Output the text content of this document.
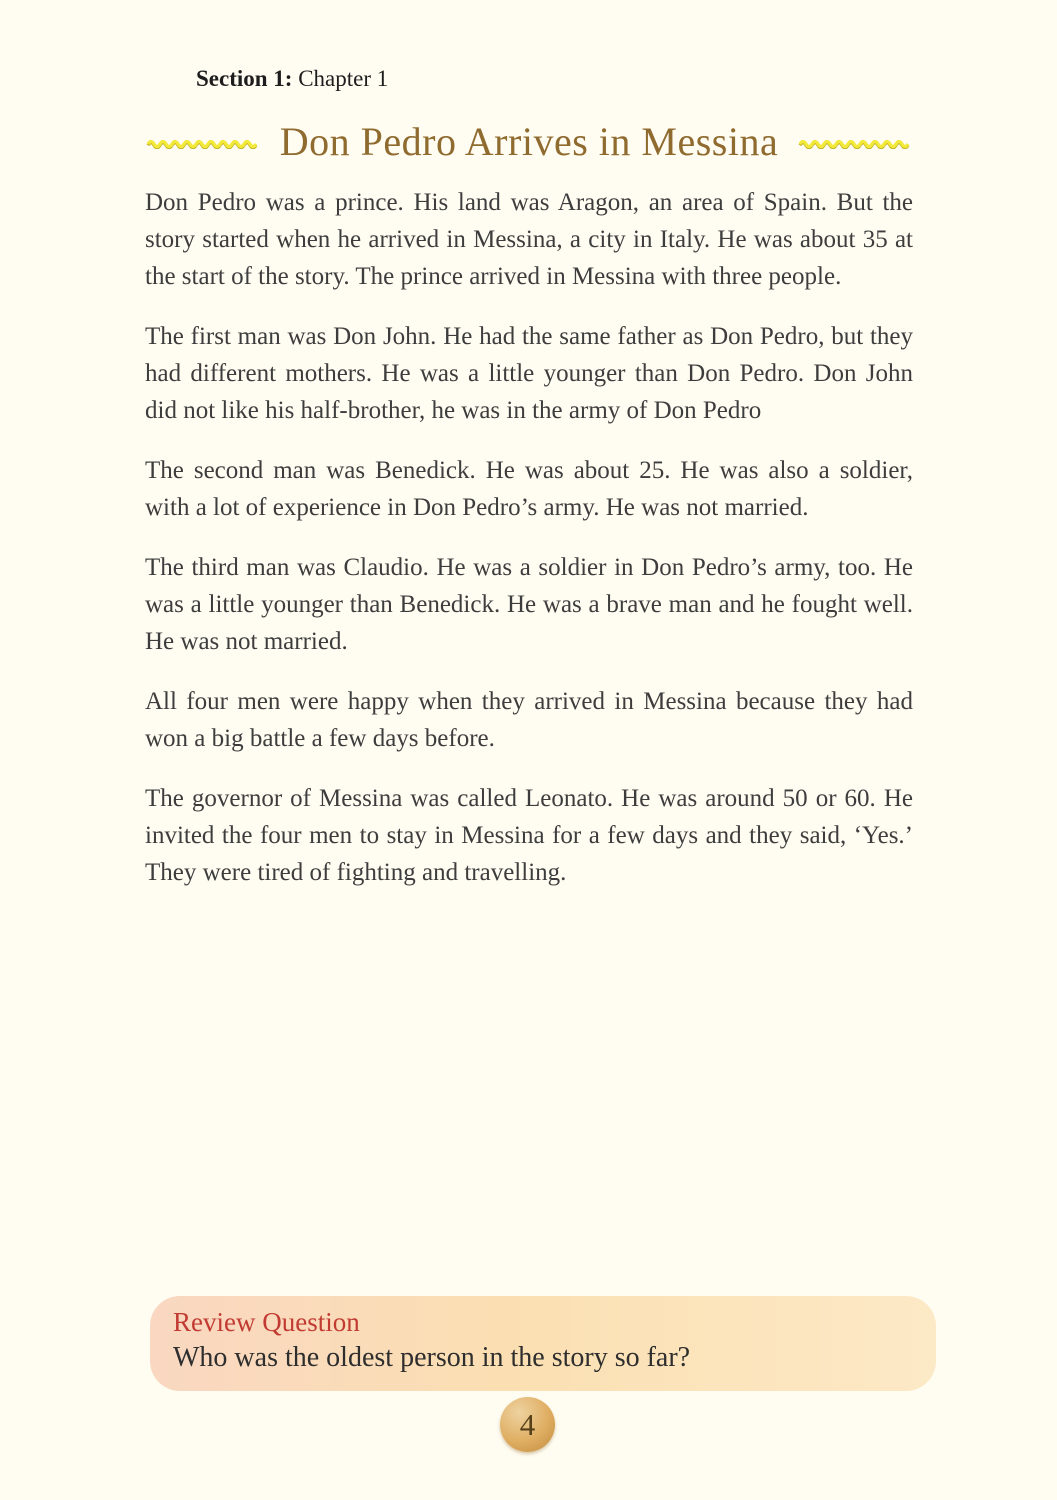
Section 1: Chapter 1
Don Pedro Arrives in Messina

Don Pedro was a prince. His land was Aragon, an area of Spain. But the story started when he arrived in Messina, a city in Italy. He was about 35 at the start of the story. The prince arrived in Messina with three people.

The first man was Don John. He had the same father as Don Pedro, but they had different mothers. He was a little younger than Don Pedro. Don John did not like his half-brother, he was in the army of Don Pedro

The second man was Benedick. He was about 25. He was also a soldier, with a lot of experience in Don Pedro’s army. He was not married.

The third man was Claudio. He was a soldier in Don Pedro’s army, too. He was a little younger than Benedick. He was a brave man and he fought well. He was not married.

All four men were happy when they arrived in Messina because they had won a big battle a few days before.

The governor of Messina was called Leonato. He was around 50 or 60. He invited the four men to stay in Messina for a few days and they said, ‘Yes.’ They were tired of fighting and travelling.

Review Question
Who was the oldest person in the story so far?
4
